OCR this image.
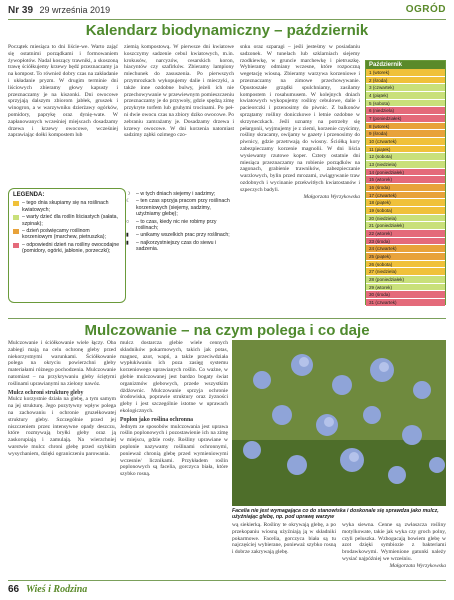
Nr 39 29 września 2019	OGRÓD
Kalendarz biodynamiczny – październik

Początek miesiąca to dni liście-we. Warto zająć się ostatnimi porządkami i formowaniem żywopłotów. Nadal koszący trawniki, a skoszoną trawę ściółkujemy krzewy będź przeznaczamy ja na kompost. To również dobry czas na zakładanie i układanie pryzm. W drugim terminie dni liściowych zbieramy głowy kapusty i przeznaczamy je na kiszonki. Dni owocowe sprzyjają dalszym zbiorom jabłek, gruszek i winogron, a w warzywniku dzierżawy ogórków, pomidory, paprykę oraz dynię-wate. W zapłanowanych wcześniej miejscach dosadzamy drzewa i krzewy owocowe, wcześniej zaprawiając dołki kompostem lub

ziemią kompostową. W pierwsze dni kwiatowe koszczymy sadzenie cebul kwiatowych, m.in. krokusów, narcyzów, cesarskich koron, hiacyntów czy szafirków. Zbieramy lampiony miechunek do zasuszenia. Po pierwszych przymrozkach wykopujemy dalie i mieczyki, a także inne ozdobne bulwy, jeżeli ich nie przechowywanie w przewiewnym pomieszczeniu przeznaczamy je do przywoły, gdzie spędzą zimę przykryte torfem lub gruhymi trocinami. Po peł-ni dwie owocu czas na zbiory dziko owocowe. Po zebraniu zamrażamy je. Dosadzamy drzewa i krzewy owocowe. W dni korzenia natomiast sadzimy ząbki ozimego czo-

snku oraz szparagi – jeśli jesteśmy w posiadaniu sadzonek. W tunelach lub szklarniach siejemy rzodkiewkę, w gruncie marchewkę i pietruszkę. Wybieramy odmiany wczesne, które rozpoczną wegetację wiosną. Zbieramy warzywa korzeniowe i przeznaczamy na zimowe przechowywanie. Opustoszałe grządki spulchniamy, zasilamy kompostem i rosahumusem. W kolejnych dniach kwiatowych wykopujemy rośliny cebulowe, dalie i pacieorczki i przenosimy do piwnic. Z balkonów sprzątamy rośliny doniczkowe i letnie ozdobne w skrzyneczkach. Jeśli uznamy na potrzeby się pełargonii, wyjmujemy je z ziemi, korzenie czyścimy, rośliny skracamy, owijamy w gazety i przenosimy do piwnicy, gdzie przetrwają do wiosny. Ściółką kory zabezpieczamy korzenie magnolii. W dni liścia wysiewamy rzutowe koper. Cztery ostatnie dni miesiąca przeznaczamy na robienie porządków na zagonach, grabienie trawników, zabezpieczanie warzlowych, bylin przed mrozami, zwiągywanie traw ozdobnych i wycinanie przekwitłych kwiatostanów i szpeczych badyli.

Małgorzata Wyrzykowska

LEGENDA:
– tego dnia skupiamy się na roślinach kwiatowych;
– warty dzieć dla roślin liściastych (sałata, szpinak);
– dzień poświęcamy roślinom korzeniowym (marchew, pietruszka);
– odpowiedni dzień na rośliny owocodajne (pomidory, ogórki, jabłonie, porzeczki);
☽	– w tych dniach siejemy i sadzimy;
☾	– ten czas sprzyja pracom przy roślinach korzeniowych (siejemy, sadzimy, użyźniamy glebę);
○	– to czas, kiedy nic nie robimy przy roślinach;
▮	– unikamy wszelkich prac przy roślinach;
▮	– najkorzystniejszy czas do siewu i sadzenia.
Październik
1 (wtorek)
2 (środa)
3 (czwartek)
4 (piątek)
5 (sobota)
6 (niedziela)
7 (poniedziałek)
8 (wtorek)
9 (środa)
10 (czwartek)
11 (piątek)
12 (sobota)
13 (niedziela)
14 (poniedziałek)
15 (wtorek)
16 (środa)
17 (czwartek)
18 (piątek)
19 (sobota)
20 (niedziela)
21 (poniedziałek)
22 (wtorek)
23 (środa)
24 (czwartek)
25 (piątek)
26 (sobota)
27 (niedziela)
28 (poniedziałek)
29 (wtorek)
30 (środa)
31 (czwartek)
Mulczowanie – na czym polega i co daje

Mulczowanie i ściółkowanie wiele łączy. Oba zabiegi mają na celu ochronę gleby przed niekorzystnymi warunkami. Ściółkowanie polega na okryciu powierzchni gleby materiałami różnego pochodzenia. Mulczowanie natomiast – na przykrywaniu gleby ściętymi roślinami uprawianymi na zielony nawóz.

Mulcz ochroni strukturę gleby

Mulcz korzystnie działa na glebę, a tym samym na jej strukturę. Jego pozytywny wpływ polega na zachowaniu i ochronie gruzełkowatej struktury gleby. Szczególnie przed jej niszczeniem przez intensywne opady deszczu, które rozmywają bryłki gleby oraz ją zaskorupiają i zamulają. Na wierzchniej warstwie mulcz chroni glebę przed szybkim wysychaniem, dzięki ograniczeniu parowania.

mulcz dostarcza glebie wiele cennych składników pokarmowych, takich jak potas, magnez, azot, wapń, a także przeciwdziała wypłukiwaniu ich poza zasięg systemu korzeniowego uprawianych roślin. Co ważne, w glebie mulczowanej jest bardzo bogaty świat organizmów glebowych, przede wszystkim dżdżownic. Mulczowanie sprzyja ochronie środowiska, poprawie struktury oraz żyzności gleby i jest szczególnie istotne w uprawach ekologicznych.

Poplon jako roślina ochronna

Jednym ze sposobów mulczowania jest uprawa roślin poplonowych i pozostawienie ich na zimę w miejscu, gdzie rosły. Rośliny uprawiane w poplonie nazywamy roślinami ochronnymi, ponieważ chronią glebę przed wymieniowymi wczesnie/ licznikami. Przykładem roślin poplonowych są facelia, gorczyca biała, które szybko rosną.

Facelia nie jest wymagająca co do stanowiska i doskonale się sprawdza jako mulcz, użyźniając glebę, np. pod uprawę warzyw

wą siekierką. Rośliny te okrywają glebę, a po przekopaniu wiosną użyźniają ją w składniki pokarmowe. Facelia, gorczyca biała są tu najczęściej wybierane, ponieważ szybko rosną i dobrze zakrywają glebę.

wyka siewna. Cenne są zwłaszcza rośliny motylkowate, takie jak wyka czy groch polny, czyli peluszka. Wzbogacają bowiem glebę w azot dzięki symbiozie z bakteriami brodawkowymi. Wymienione gatunki należy wysiać najpóźniej we wrześniu.

Małgorzata Wyrzykowska

66 Wieś i Rodzina
